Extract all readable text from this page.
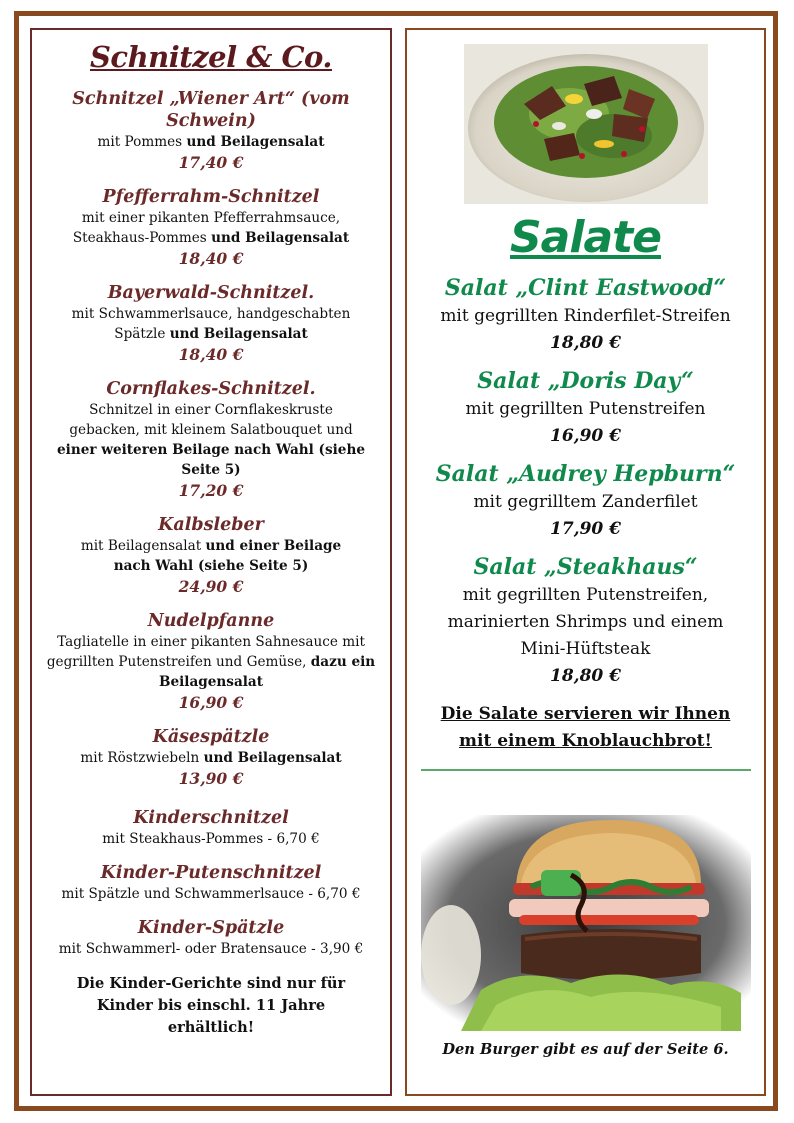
Schnitzel & Co.
Schnitzel „Wiener Art“ (vom Schwein)
mit Pommes und Beilagensalat
17,40 €
Pfefferrahm-Schnitzel
mit einer pikanten Pfefferrahmsauce, Steakhaus-Pommes und Beilagensalat
18,40 €
Bayerwald-Schnitzel.
mit Schwammerlsauce, handgeschabten Spätzle und Beilagensalat
18,40 €
Cornflakes-Schnitzel.
Schnitzel in einer Cornflakeskruste gebacken, mit kleinem Salatbouquet und einer weiteren Beilage nach Wahl (siehe Seite 5)
17,20 €
Kalbsleber
mit Beilagensalat und einer Beilage nach Wahl (siehe Seite 5)
24,90 €
Nudelpfanne
Tagliatelle in einer pikanten Sahnesauce mit gegrillten Putenstreifen und Gemüse, dazu ein Beilagensalat
16,90 €
Käsespätzle
mit Röstzwiebeln und Beilagensalat
13,90 €
Kinderschnitzel
mit Steakhaus-Pommes - 6,70 €
Kinder-Putenschnitzel
mit Spätzle und Schwammerlsauce - 6,70 €
Kinder-Spätzle
mit Schwammerl- oder Bratensauce - 3,90 €
Die Kinder-Gerichte sind nur für Kinder bis einschl. 11 Jahre erhältlich!
Salate
Salat „Clint Eastwood“
mit gegrillten Rinderfilet-Streifen
18,80 €
Salat „Doris Day“
mit gegrillten Putenstreifen
16,90 €
Salat „Audrey Hepburn“
mit gegrilltem Zanderfilet
17,90 €
Salat „Steakhaus“
mit gegrillten Putenstreifen, marinierten Shrimps und einem Mini-Hüftsteak
18,80 €
Die Salate servieren wir Ihnen mit einem Knoblauchbrot!
Den Burger gibt es auf der Seite 6.
